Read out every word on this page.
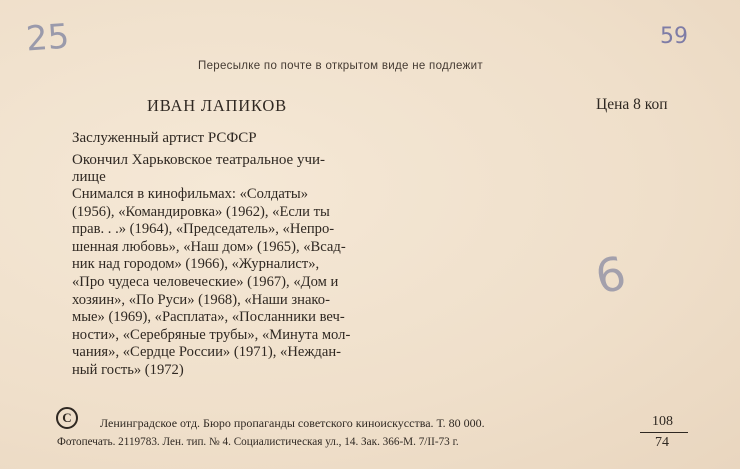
25	59
6
Пересылке по почте в открытом виде не подлежит
ИВАН ЛАПИКОВ	Цена 8 коп
Заслуженный артист РСФСР
Окончил Харьковское театральное учи-
лище
Снимался в кинофильмах: «Солдаты»
(1956), «Командировка» (1962), «Если ты
прав. . .» (1964), «Председатель», «Непро-
шенная любовь», «Наш дом» (1965), «Всад-
ник над городом» (1966), «Журналист»,
«Про чудеса человеческие» (1967), «Дом и
хозяин», «По Руси» (1968), «Наши знако-
мые» (1969), «Расплата», «Посланники веч-
ности», «Серебряные трубы», «Минута мол-
чания», «Сердце России» (1971), «Неждан-
ный гость» (1972)
C	Ленинградское отд. Бюро пропаганды советского киноискусства. Т. 80 000.
Фотопечать. 2119783. Лен. тип. № 4. Социалистическая ул., 14. Зак. 366-М. 7/II-73 г.
108
74
